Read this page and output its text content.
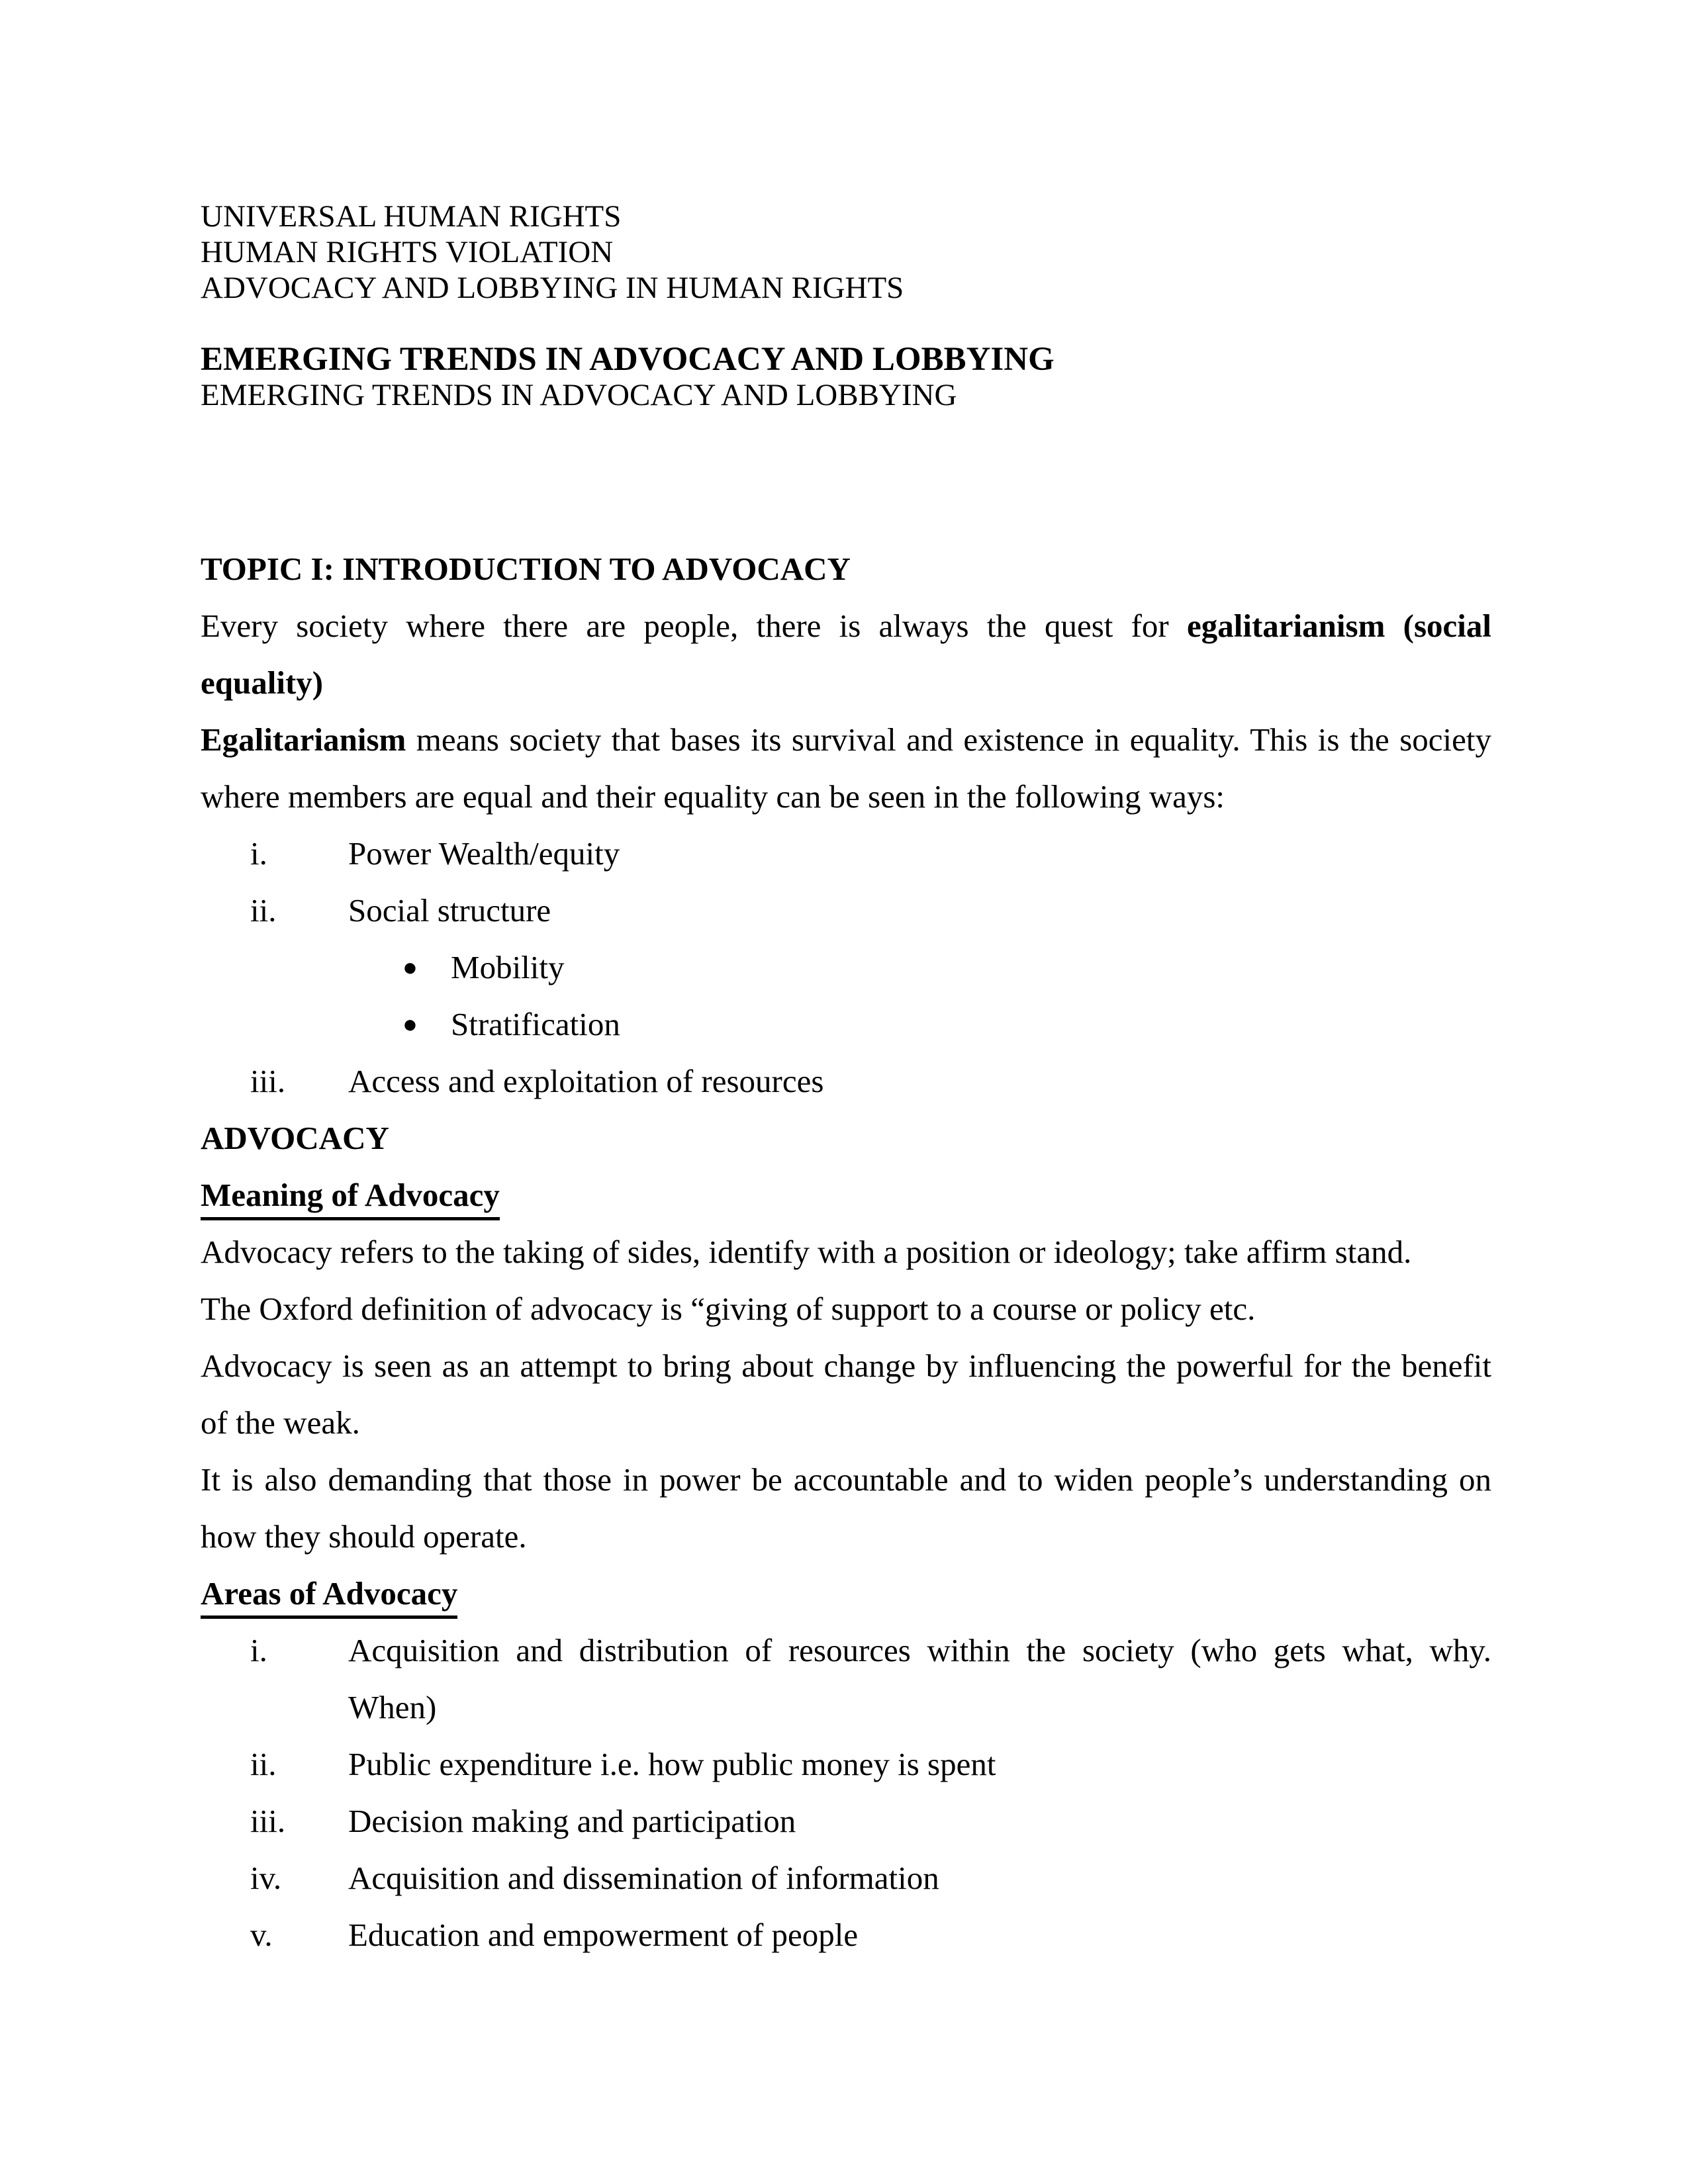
UNIVERSAL HUMAN RIGHTS
HUMAN RIGHTS VIOLATION
ADVOCACY AND LOBBYING IN HUMAN RIGHTS
EMERGING TRENDS IN ADVOCACY AND LOBBYING
EMERGING TRENDS IN ADVOCACY AND LOBBYING
TOPIC I: INTRODUCTION TO ADVOCACY
Every society where there are people, there is always the quest for egalitarianism (social
equality)
Egalitarianism means society that bases its survival and existence in equality. This is the society
where members are equal and their equality can be seen in the following ways:
i.	Power Wealth/equity
ii.	Social structure
●	Mobility
●	Stratification
iii.	Access and exploitation of resources
ADVOCACY
Meaning of Advocacy
Advocacy refers to the taking of sides, identify with a position or ideology; take affirm stand.
The Oxford definition of advocacy is “giving of support to a course or policy etc.
Advocacy is seen as an attempt to bring about change by influencing the powerful for the benefit
of the weak.
It is also demanding that those in power be accountable and to widen people’s understanding on
how they should operate.
Areas of Advocacy
i.	Acquisition and distribution of resources within the society (who gets what, why.
When)
ii.	Public expenditure i.e. how public money is spent
iii.	Decision making and participation
iv.	Acquisition and dissemination of information
v.	Education and empowerment of people
